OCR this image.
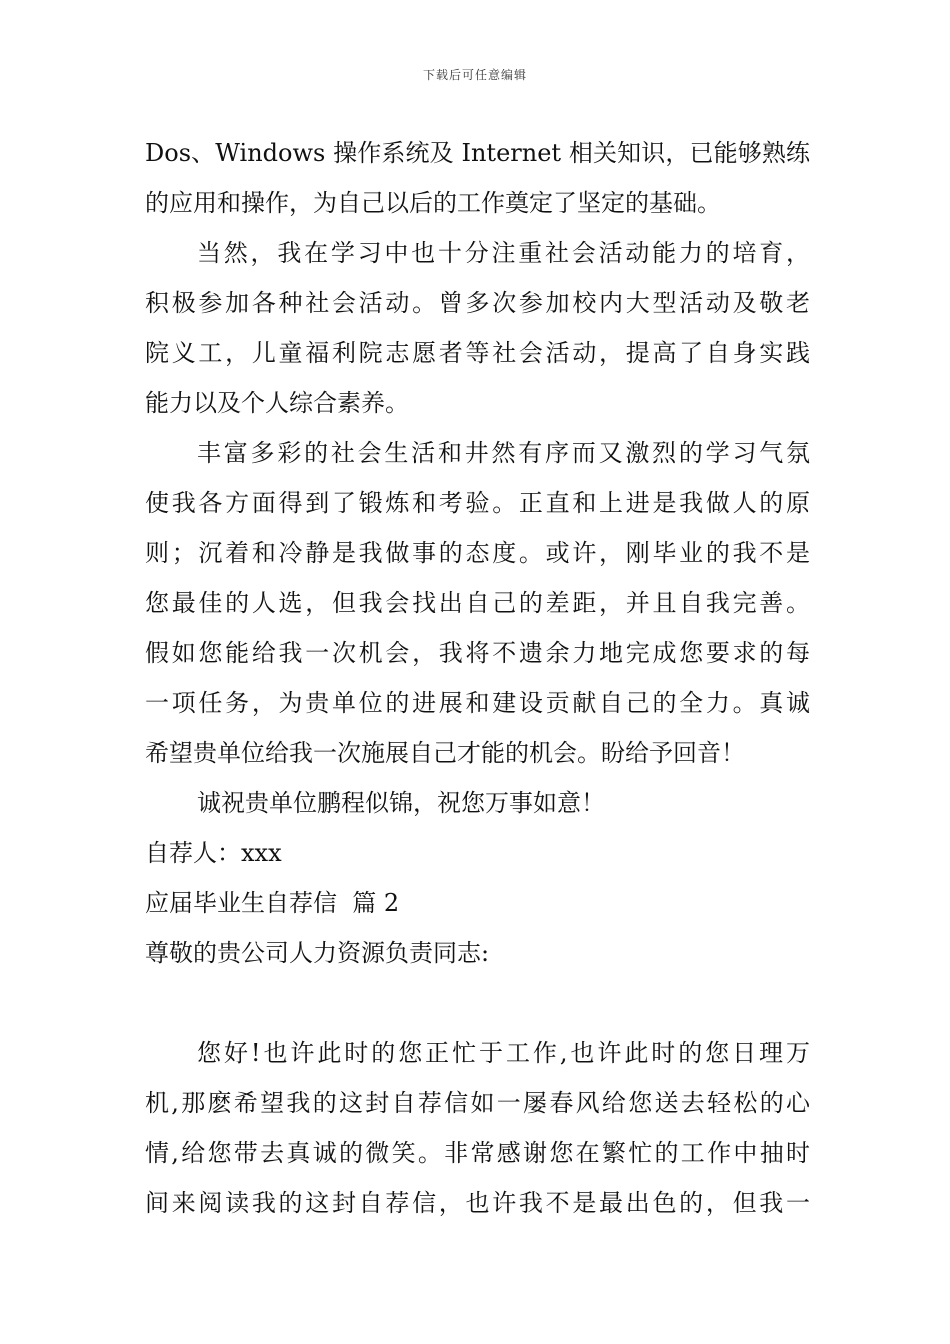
下载后可任意编辑
Dos、Windows 操作系统及 Internet 相关知识，已能够熟练
的应用和操作，为自己以后的工作奠定了坚定的基础。
当然，我在学习中也十分注重社会活动能力的培育，
积极参加各种社会活动。曾多次参加校内大型活动及敬老
院义工，儿童福利院志愿者等社会活动，提高了自身实践
能力以及个人综合素养。
丰富多彩的社会生活和井然有序而又激烈的学习气氛
使我各方面得到了锻炼和考验。正直和上进是我做人的原
则；沉着和冷静是我做事的态度。或许，刚毕业的我不是
您最佳的人选，但我会找出自己的差距，并且自我完善。
假如您能给我一次机会，我将不遗余力地完成您要求的每
一项任务，为贵单位的进展和建设贡献自己的全力。真诚
希望贵单位给我一次施展自己才能的机会。盼给予回音！
诚祝贵单位鹏程似锦，祝您万事如意！
自荐人：xxx
应届毕业生自荐信  篇 2
尊敬的贵公司人力资源负责同志:
您好!也许此时的您正忙于工作,也许此时的您日理万
机,那麽希望我的这封自荐信如一屡春风给您送去轻松的心
情,给您带去真诚的微笑。非常感谢您在繁忙的工作中抽时
间来阅读我的这封自荐信，也许我不是最出色的，但我一
